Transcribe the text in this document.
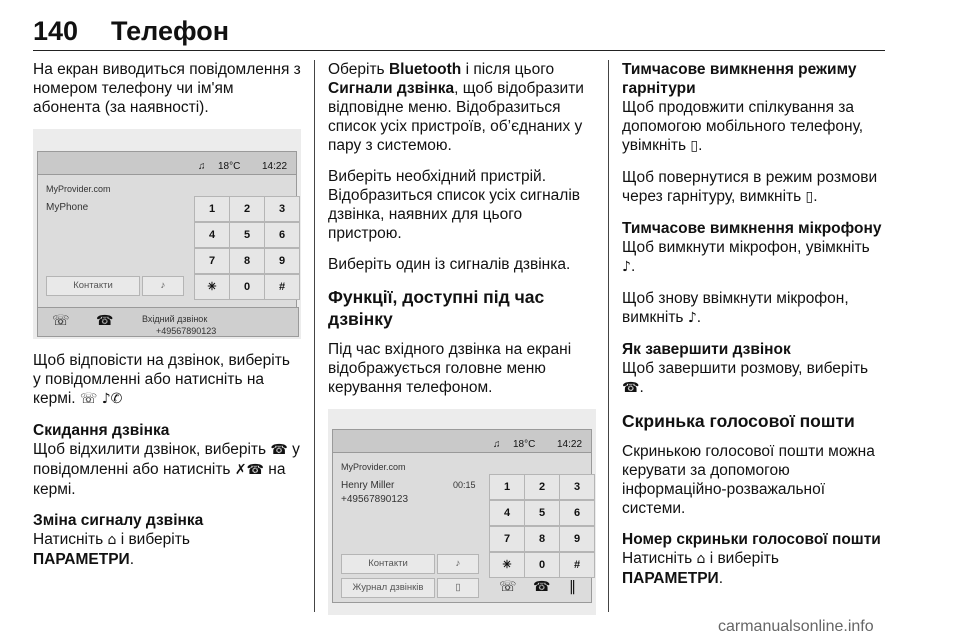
140 Телефон

На екран виводиться повідомлення з номером телефону чи ім'ям абонента (за наявності).

♫ 18°C 14:22
MyProvider.com
MyPhone	1	2	3
4	5	6
7	8	9
✳	0	#
Контакти	♪
☏ ☎	Вхідний дзвінок
+49567890123

Щоб відповісти на дзвінок, виберіть у повідомленні або натисніть на кермі. ☏ ♪✆

Скидання дзвінка
Щоб відхилити дзвінок, виберіть ☎ у повідомленні або натисніть ✗☎ на кермі.

Зміна сигналу дзвінка
Натисніть ⌂ і виберіть
ПАРАМЕТРИ.

Оберіть Bluetooth і після цього Сигнали дзвінка, щоб відобразити відповідне меню. Відобразиться список усіх пристроїв, об’єднаних у пару з системою.

Виберіть необхідний пристрій. Відобразиться список усіх сигналів дзвінка, наявних для цього пристрою.

Виберіть один із сигналів дзвінка.

Функції, доступні під час дзвінку

Під час вхідного дзвінка на екрані відображується головне меню керування телефоном.

♫ 18°C 14:22
MyProvider.com
Henry Miller
+49567890123
00:15	1	2	3
4	5	6
7	8	9
✳	0	#
Контакти	♪
Журнал дзвінків	▯	☏ ☎ ‖

Тимчасове вимкнення режиму гарнітури
Щоб продовжити спілкування за допомогою мобільного телефону, увімкніть ▯.

Щоб повернутися в режим розмови через гарнітуру, вимкніть ▯.

Тимчасове вимкнення мікрофону
Щоб вимкнути мікрофон, увімкніть ♪.

Щоб знову ввімкнути мікрофон, вимкніть ♪.

Як завершити дзвінок
Щоб завершити розмову, виберіть ☎.

Скринька голосової пошти

Скринькою голосової пошти можна керувати за допомогою інформаційно-розважальної системи.

Номер скриньки голосової пошти
Натисніть ⌂ і виберіть
ПАРАМЕТРИ.

carmanualsonline.info
